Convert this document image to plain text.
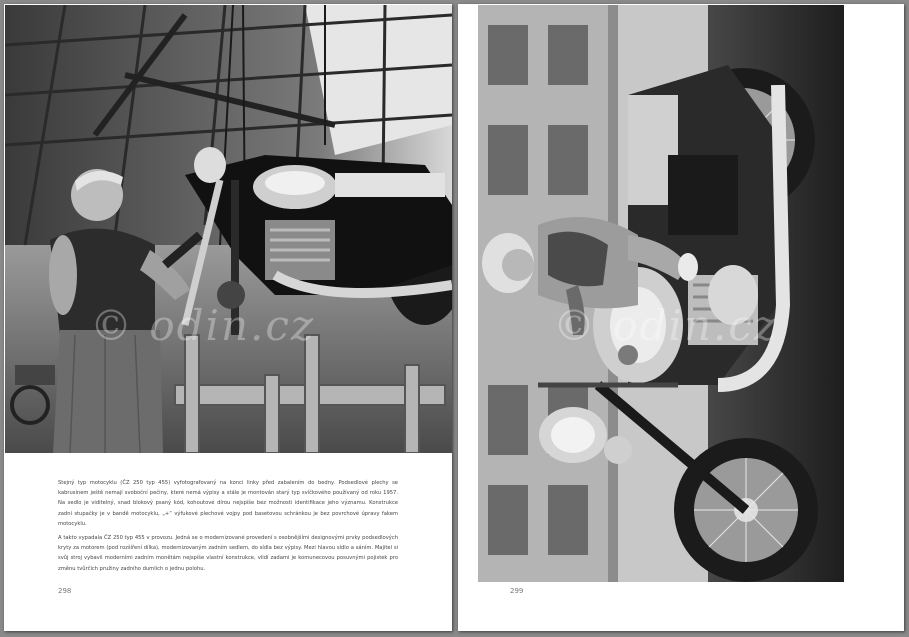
© odin.cz

Stejný typ motocyklu (ČZ 250 typ 455) vyfotografovaný na konci linky před zabalením do bedny. Podsedlové plechy se kabrusínem ještě nemají svoboční pečiny, které nemá výpisy a stále je montován starý typ svíčkového používaný od roku 1957. Na sedlo je viditelný, snad blokový psaný kód, kohoutové dírou nejspíše bez možnosti identifikace jeho významu. Konstrukce zadní stupačky je v bandě motocyklu, „+“ výfukové plechové vojpy pod basetovou schránkou je bez povrchové úpravy fakem motocyklu.

A takto vypadala ČZ 250 typ 455 v provozu. Jedná se o modernizované provedení s osobnějšími designovými prvky podsedlových kryty za motorem (pod rozšíření dílka), modernizovaným zadním sedlem, do sídla bez výpisy. Mezi hlavou sídlo a sáním. Majitel si svůj stroj vybavil moderními zadním monětám nejspíše vlastní konstrukce, vlidí zadami je komunecovou posuvnými pojistek pro změnu tvůrčích pružiny zadního dumlich o jednu polohu.

298
© odin.cz
299
